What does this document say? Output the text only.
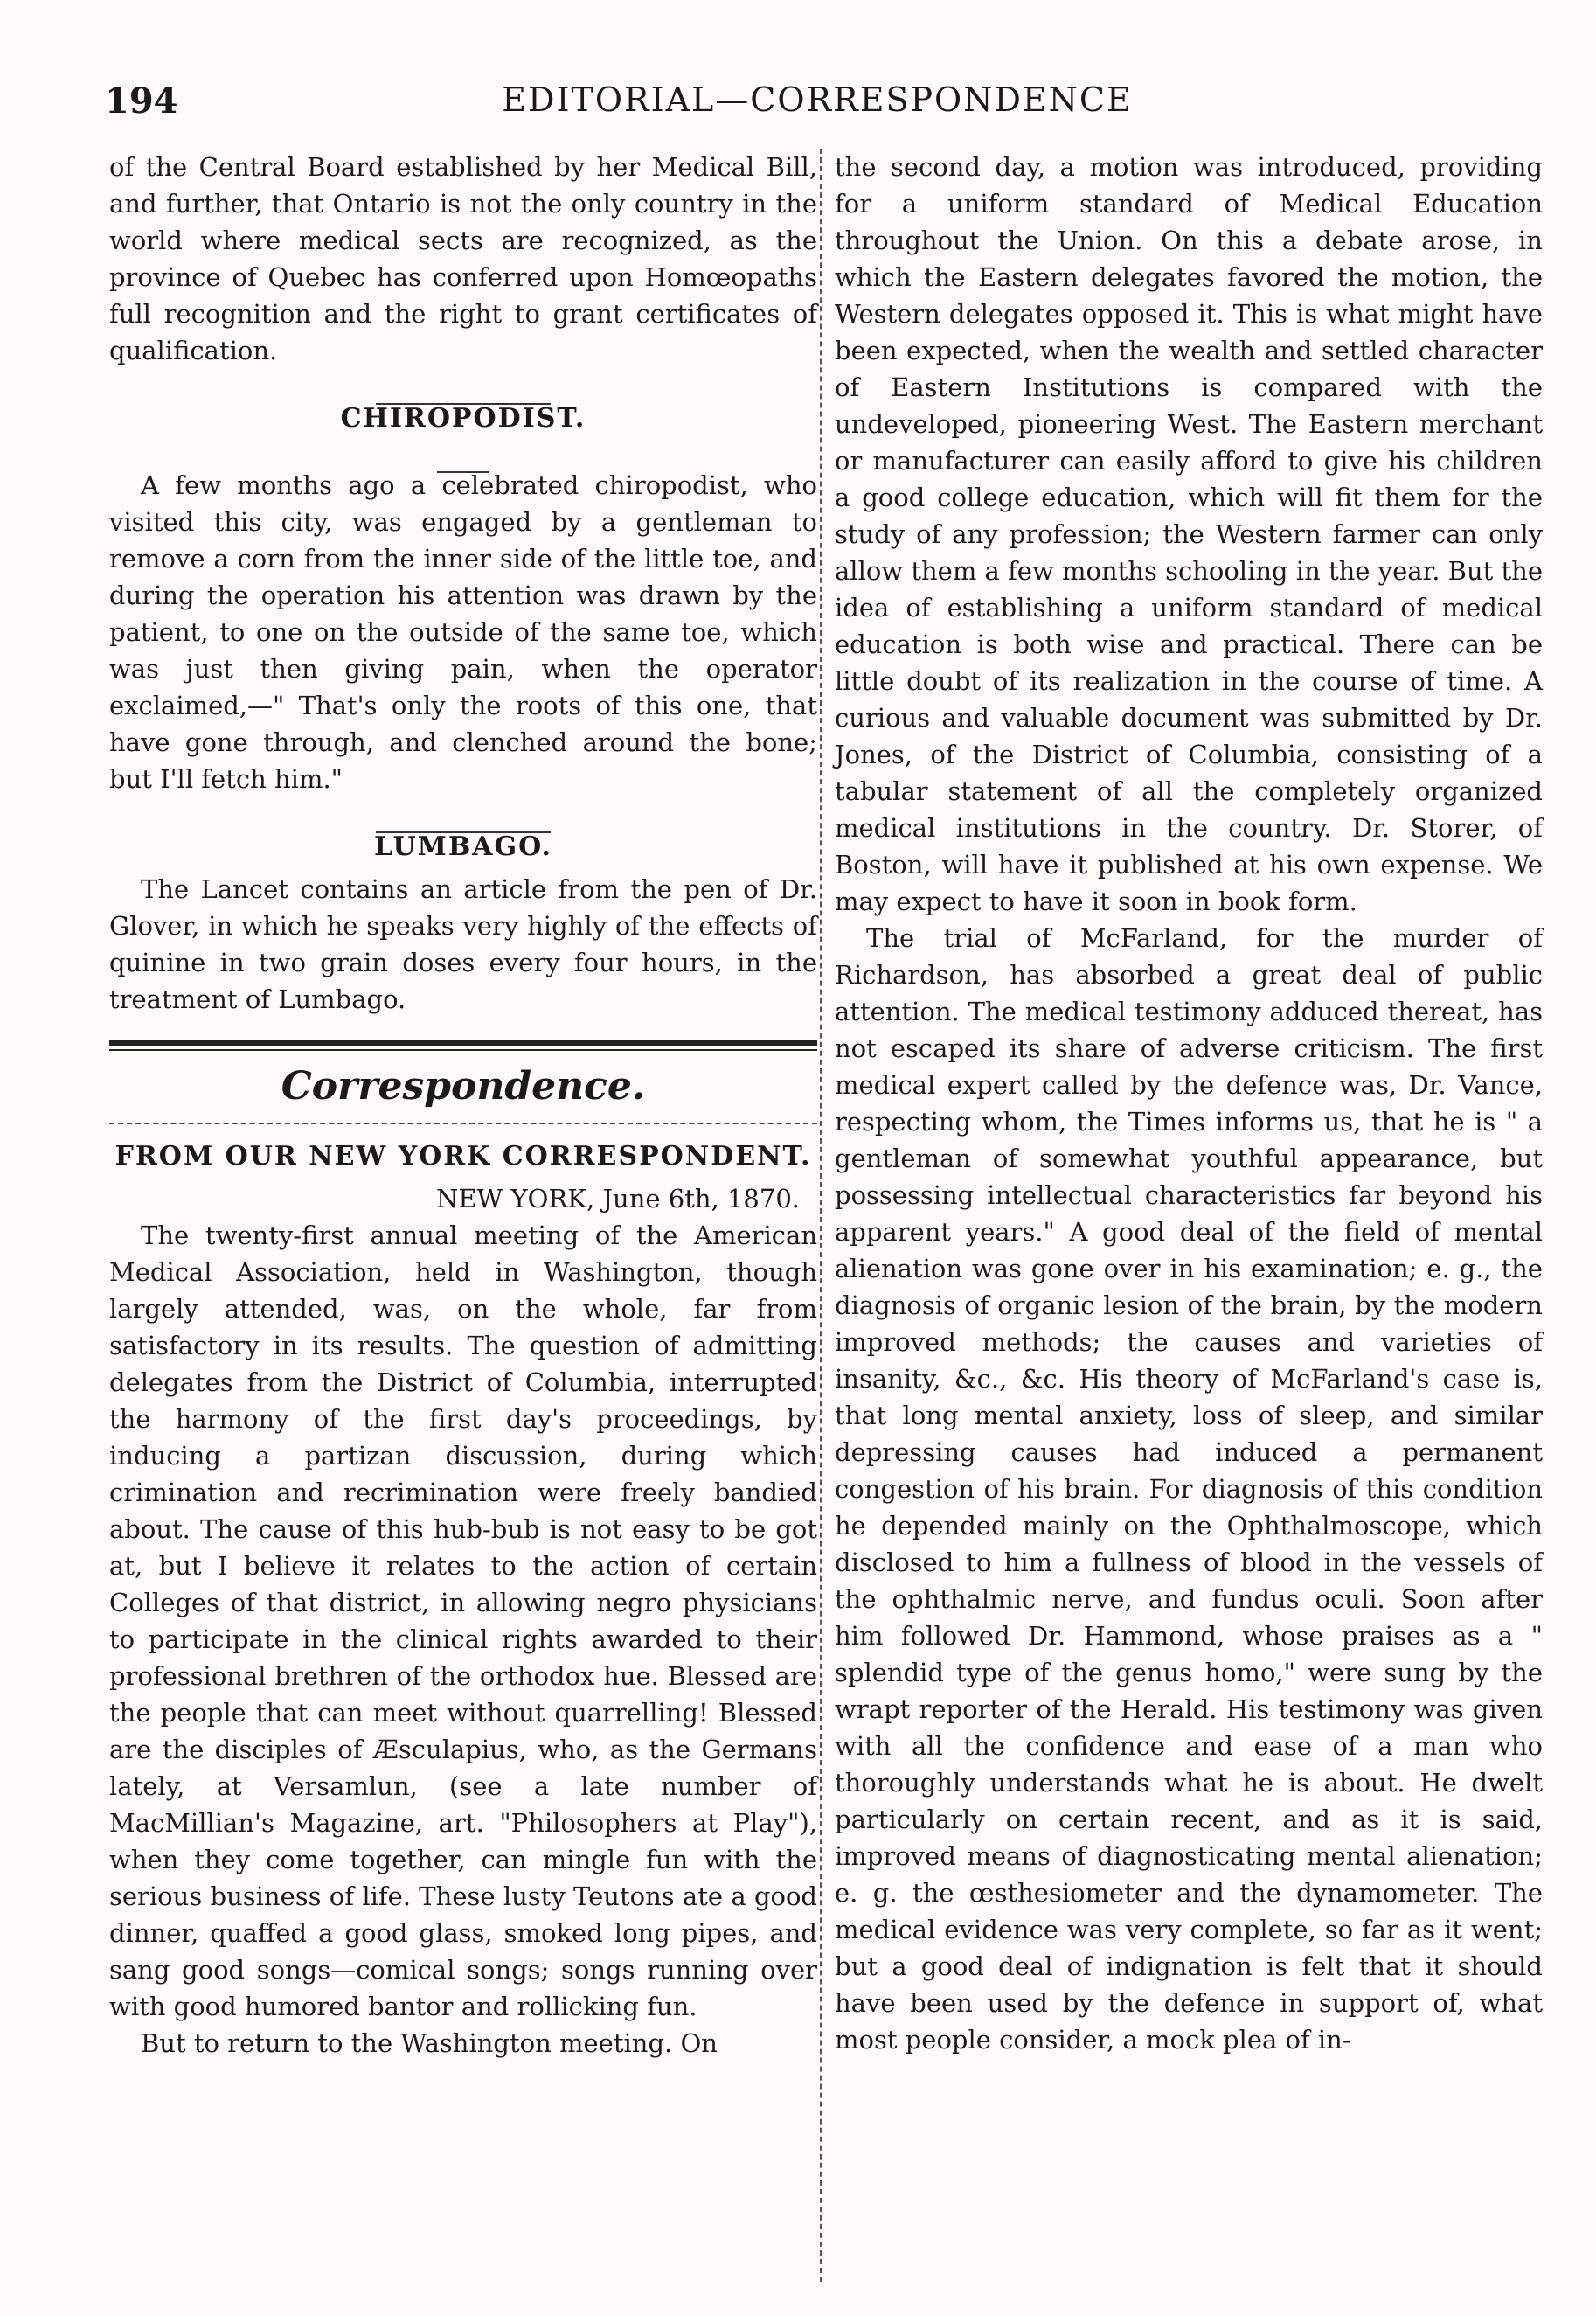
194	EDITORIAL—CORRESPONDENCE

of the Central Board established by her Medical Bill, and further, that Ontario is not the only country in the world where medical sects are recognized, as the province of Quebec has conferred upon Homœopaths full recognition and the right to grant certificates of qualification.

CHIROPODIST.

A few months ago a celebrated chiropodist, who visited this city, was engaged by a gentleman to remove a corn from the inner side of the little toe, and during the operation his attention was drawn by the patient, to one on the outside of the same toe, which was just then giving pain, when the operator exclaimed,—" That's only the roots of this one, that have gone through, and clenched around the bone; but I'll fetch him."

LUMBAGO.

The Lancet contains an article from the pen of Dr. Glover, in which he speaks very highly of the effects of quinine in two grain doses every four hours, in the treatment of Lumbago.

Correspondence.
FROM OUR NEW YORK CORRESPONDENT.

NEW YORK, June 6th, 1870.

The twenty-first annual meeting of the American Medical Association, held in Washington, though largely attended, was, on the whole, far from satisfactory in its results. The question of admitting delegates from the District of Columbia, interrupted the harmony of the first day's proceedings, by inducing a partizan discussion, during which crimination and recrimination were freely bandied about. The cause of this hub-bub is not easy to be got at, but I believe it relates to the action of certain Colleges of that district, in allowing negro physicians to participate in the clinical rights awarded to their professional brethren of the orthodox hue. Blessed are the people that can meet without quarrelling! Blessed are the disciples of Æsculapius, who, as the Germans lately, at Versamlun, (see a late number of MacMillian's Magazine, art. "Philosophers at Play"), when they come together, can mingle fun with the serious business of life. These lusty Teutons ate a good dinner, quaffed a good glass, smoked long pipes, and sang good songs—comical songs; songs running over with good humored bantor and rollicking fun.

But to return to the Washington meeting. On

the second day, a motion was introduced, providing for a uniform standard of Medical Education throughout the Union. On this a debate arose, in which the Eastern delegates favored the motion, the Western delegates opposed it. This is what might have been expected, when the wealth and settled character of Eastern Institutions is compared with the undeveloped, pioneering West. The Eastern merchant or manufacturer can easily afford to give his children a good college education, which will fit them for the study of any profession; the Western farmer can only allow them a few months schooling in the year. But the idea of establishing a uniform standard of medical education is both wise and practical. There can be little doubt of its realization in the course of time. A curious and valuable document was submitted by Dr. Jones, of the District of Columbia, consisting of a tabular statement of all the completely organized medical institutions in the country. Dr. Storer, of Boston, will have it published at his own expense. We may expect to have it soon in book form.

The trial of McFarland, for the murder of Richardson, has absorbed a great deal of public attention. The medical testimony adduced thereat, has not escaped its share of adverse criticism. The first medical expert called by the defence was, Dr. Vance, respecting whom, the Times informs us, that he is " a gentleman of somewhat youthful appearance, but possessing intellectual characteristics far beyond his apparent years." A good deal of the field of mental alienation was gone over in his examination; e. g., the diagnosis of organic lesion of the brain, by the modern improved methods; the causes and varieties of insanity, &c., &c. His theory of McFarland's case is, that long mental anxiety, loss of sleep, and similar depressing causes had induced a permanent congestion of his brain. For diagnosis of this condition he depended mainly on the Ophthalmoscope, which disclosed to him a fullness of blood in the vessels of the ophthalmic nerve, and fundus oculi. Soon after him followed Dr. Hammond, whose praises as a " splendid type of the genus homo," were sung by the wrapt reporter of the Herald. His testimony was given with all the confidence and ease of a man who thoroughly understands what he is about. He dwelt particularly on certain recent, and as it is said, improved means of diagnosticating mental alienation; e. g. the œsthesiometer and the dynamometer. The medical evidence was very complete, so far as it went; but a good deal of indignation is felt that it should have been used by the defence in support of, what most people consider, a mock plea of in-
